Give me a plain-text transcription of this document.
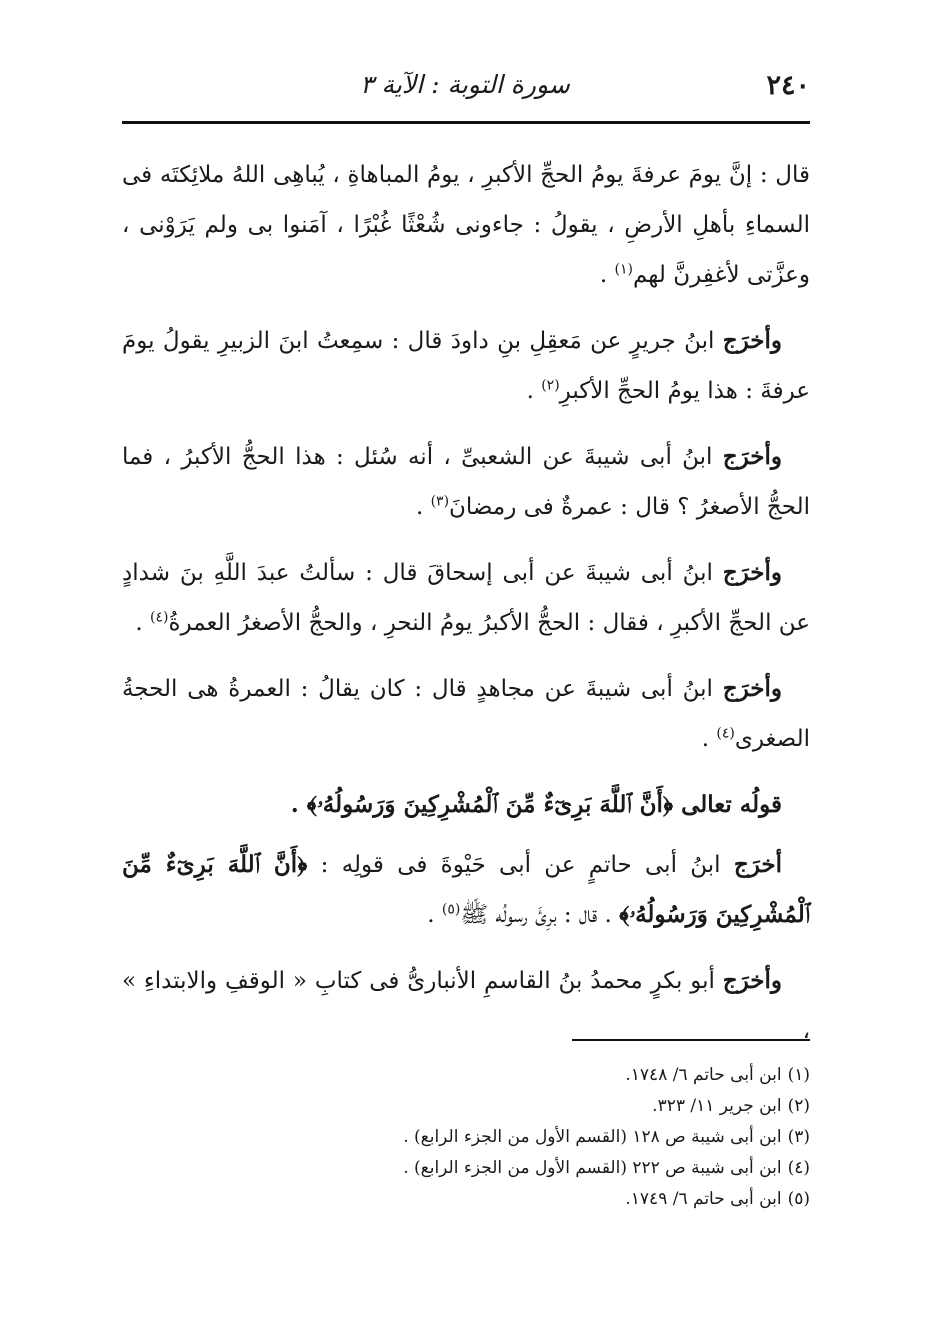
٢٤٠
سورة التوبة : الآية ٣

قال : إنَّ يومَ عرفةَ يومُ الحجِّ الأكبرِ ، يومُ المباهاةِ ، يُباهِى اللهُ ملائِكتَه فى السماءِ بأهلِ الأرضِ ، يقولُ : جاءونى شُعْثًا غُبْرًا ، آمَنوا بى ولم يَرَوْنى ، وعزَّتى لأغفِرنَّ لهم$^{(١)}$ .

وأخرَج ابنُ جريرٍ عن مَعقِلِ بنِ داودَ قال : سمِعتُ ابنَ الزبيرِ يقولُ يومَ عرفةَ : هذا يومُ الحجِّ الأكبرِ$^{(٢)}$ .

وأخرَج ابنُ أبى شيبةَ عن الشعبىِّ ، أنه سُئل : هذا الحجُّ الأكبرُ ، فما الحجُّ الأصغرُ ؟ قال : عمرةٌ فى رمضانَ$^{(٣)}$ .

وأخرَج ابنُ أبى شيبةَ عن أبى إسحاقَ قال : سألتُ عبدَ اللَّهِ بنَ شدادٍ عن الحجِّ الأكبرِ ، فقال : الحجُّ الأكبرُ يومُ النحرِ ، والحجُّ الأصغرُ العمرةُ$^{(٤)}$ .

وأخرَج ابنُ أبى شيبةَ عن مجاهدٍ قال : كان يقالُ : العمرةُ هى الحجةُ الصغرى$^{(٤)}$ .

قولُه تعالى ﴿أَنَّ ٱللَّهَ بَرِىٓءٌ مِّنَ ٱلْمُشْرِكِينَ وَرَسُولُهُۥ﴾ .

أخرَج ابنُ أبى حاتمٍ عن أبى حَيْوةَ فى قولِه : ﴿أَنَّ ٱللَّهَ بَرِىٓءٌ مِّنَ ٱلْمُشْرِكِينَ وَرَسُولُهُۥ﴾ . قال : برِئَ رسولُه ﷺ$^{(٥)}$ .

وأخرَج أبو بكرٍ محمدُ بنُ القاسمِ الأنبارىُّ فى كتابِ « الوقفِ والابتداءِ » ،

(١)ابن أبى حاتم ٦/ ١٧٤٨.

(٢)ابن جرير ١١/ ٣٢٣.

(٣)ابن أبى شيبة ص ١٢٨ (القسم الأول من الجزء الرابع) .

(٤)ابن أبى شيبة ص ٢٢٢ (القسم الأول من الجزء الرابع) .

(٥)ابن أبى حاتم ٦/ ١٧٤٩.
